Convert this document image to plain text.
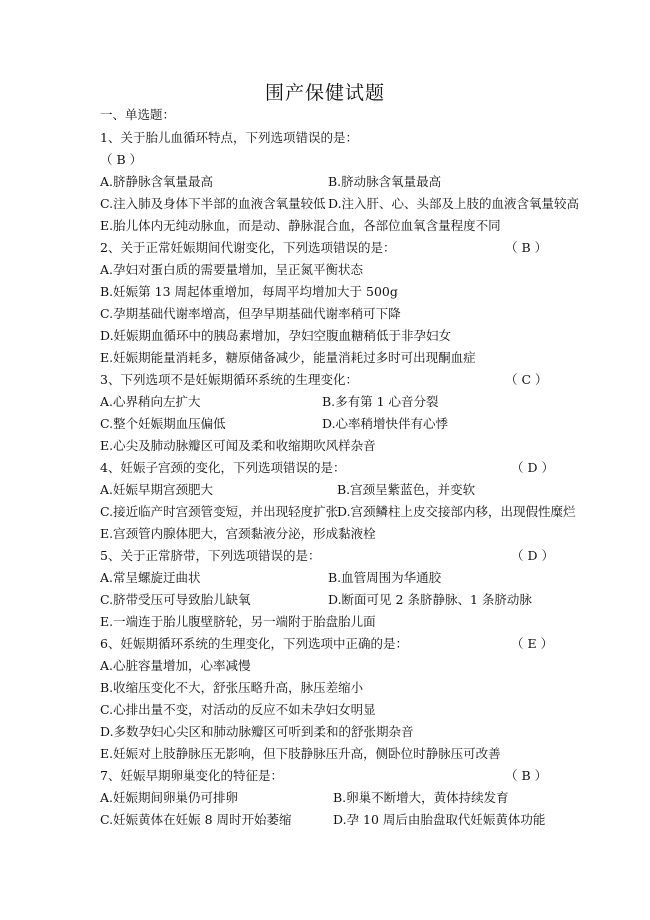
围产保健试题
一、单选题：
1、关于胎儿血循环特点，下列选项错误的是：
（ B ）
A.脐静脉含氧量最高	B.脐动脉含氧量最高
C.注入肺及身体下半部的血液含氧量较低 D.注入肝、心、头部及上肢的血液含氧量较高
E.胎儿体内无纯动脉血，而是动、静脉混合血，各部位血氧含量程度不同
2、关于正常妊娠期间代谢变化，下列选项错误的是：	（ B ）
A.孕妇对蛋白质的需要量增加，呈正氮平衡状态
B.妊娠第 13 周起体重增加，每周平均增加大于 500g
C.孕期基础代谢率增高，但孕早期基础代谢率稍可下降
D.妊娠期血循环中的胰岛素增加，孕妇空腹血糖稍低于非孕妇女
E.妊娠期能量消耗多，糖原储备减少，能量消耗过多时可出现酮血症
3、下列选项不是妊娠期循环系统的生理变化：	（ C ）
A.心界稍向左扩大	B.多有第 1 心音分裂
C.整个妊娠期血压偏低	D.心率稍增快伴有心悸
E.心尖及肺动脉瓣区可闻及柔和收缩期吹风样杂音
4、妊娠子宫颈的变化，下列选项错误的是：	（ D ）
A.妊娠早期宫颈肥大	B.宫颈呈紫蓝色，并变软
C.接近临产时宫颈管变短，并出现轻度扩张
D.宫颈鳞柱上皮交接部内移，出现假性糜烂
E.宫颈管内腺体肥大，宫颈黏液分泌，形成黏液栓
5、关于正常脐带，下列选项错误的是：	（ D ）
A.常呈螺旋迂曲状	B.血管周围为华通胶
C.脐带受压可导致胎儿缺氧	D.断面可见 2 条脐静脉、1 条脐动脉
E.一端连于胎儿腹壁脐轮，另一端附于胎盘胎儿面
6、妊娠期循环系统的生理变化，下列选项中正确的是：	（ E ）
A.心脏容量增加，心率减慢
B.收缩压变化不大，舒张压略升高，脉压差缩小
C.心排出量不变，对活动的反应不如未孕妇女明显
D.多数孕妇心尖区和肺动脉瓣区可听到柔和的舒张期杂音
E.妊娠对上肢静脉压无影响，但下肢静脉压升高，侧卧位时静脉压可改善
7、妊娠早期卵巢变化的特征是：	（ B ）
A.妊娠期间卵巢仍可排卵	B.卵巢不断增大，黄体持续发育
C.妊娠黄体在妊娠 8 周时开始萎缩	D.孕 10 周后由胎盘取代妊娠黄体功能
